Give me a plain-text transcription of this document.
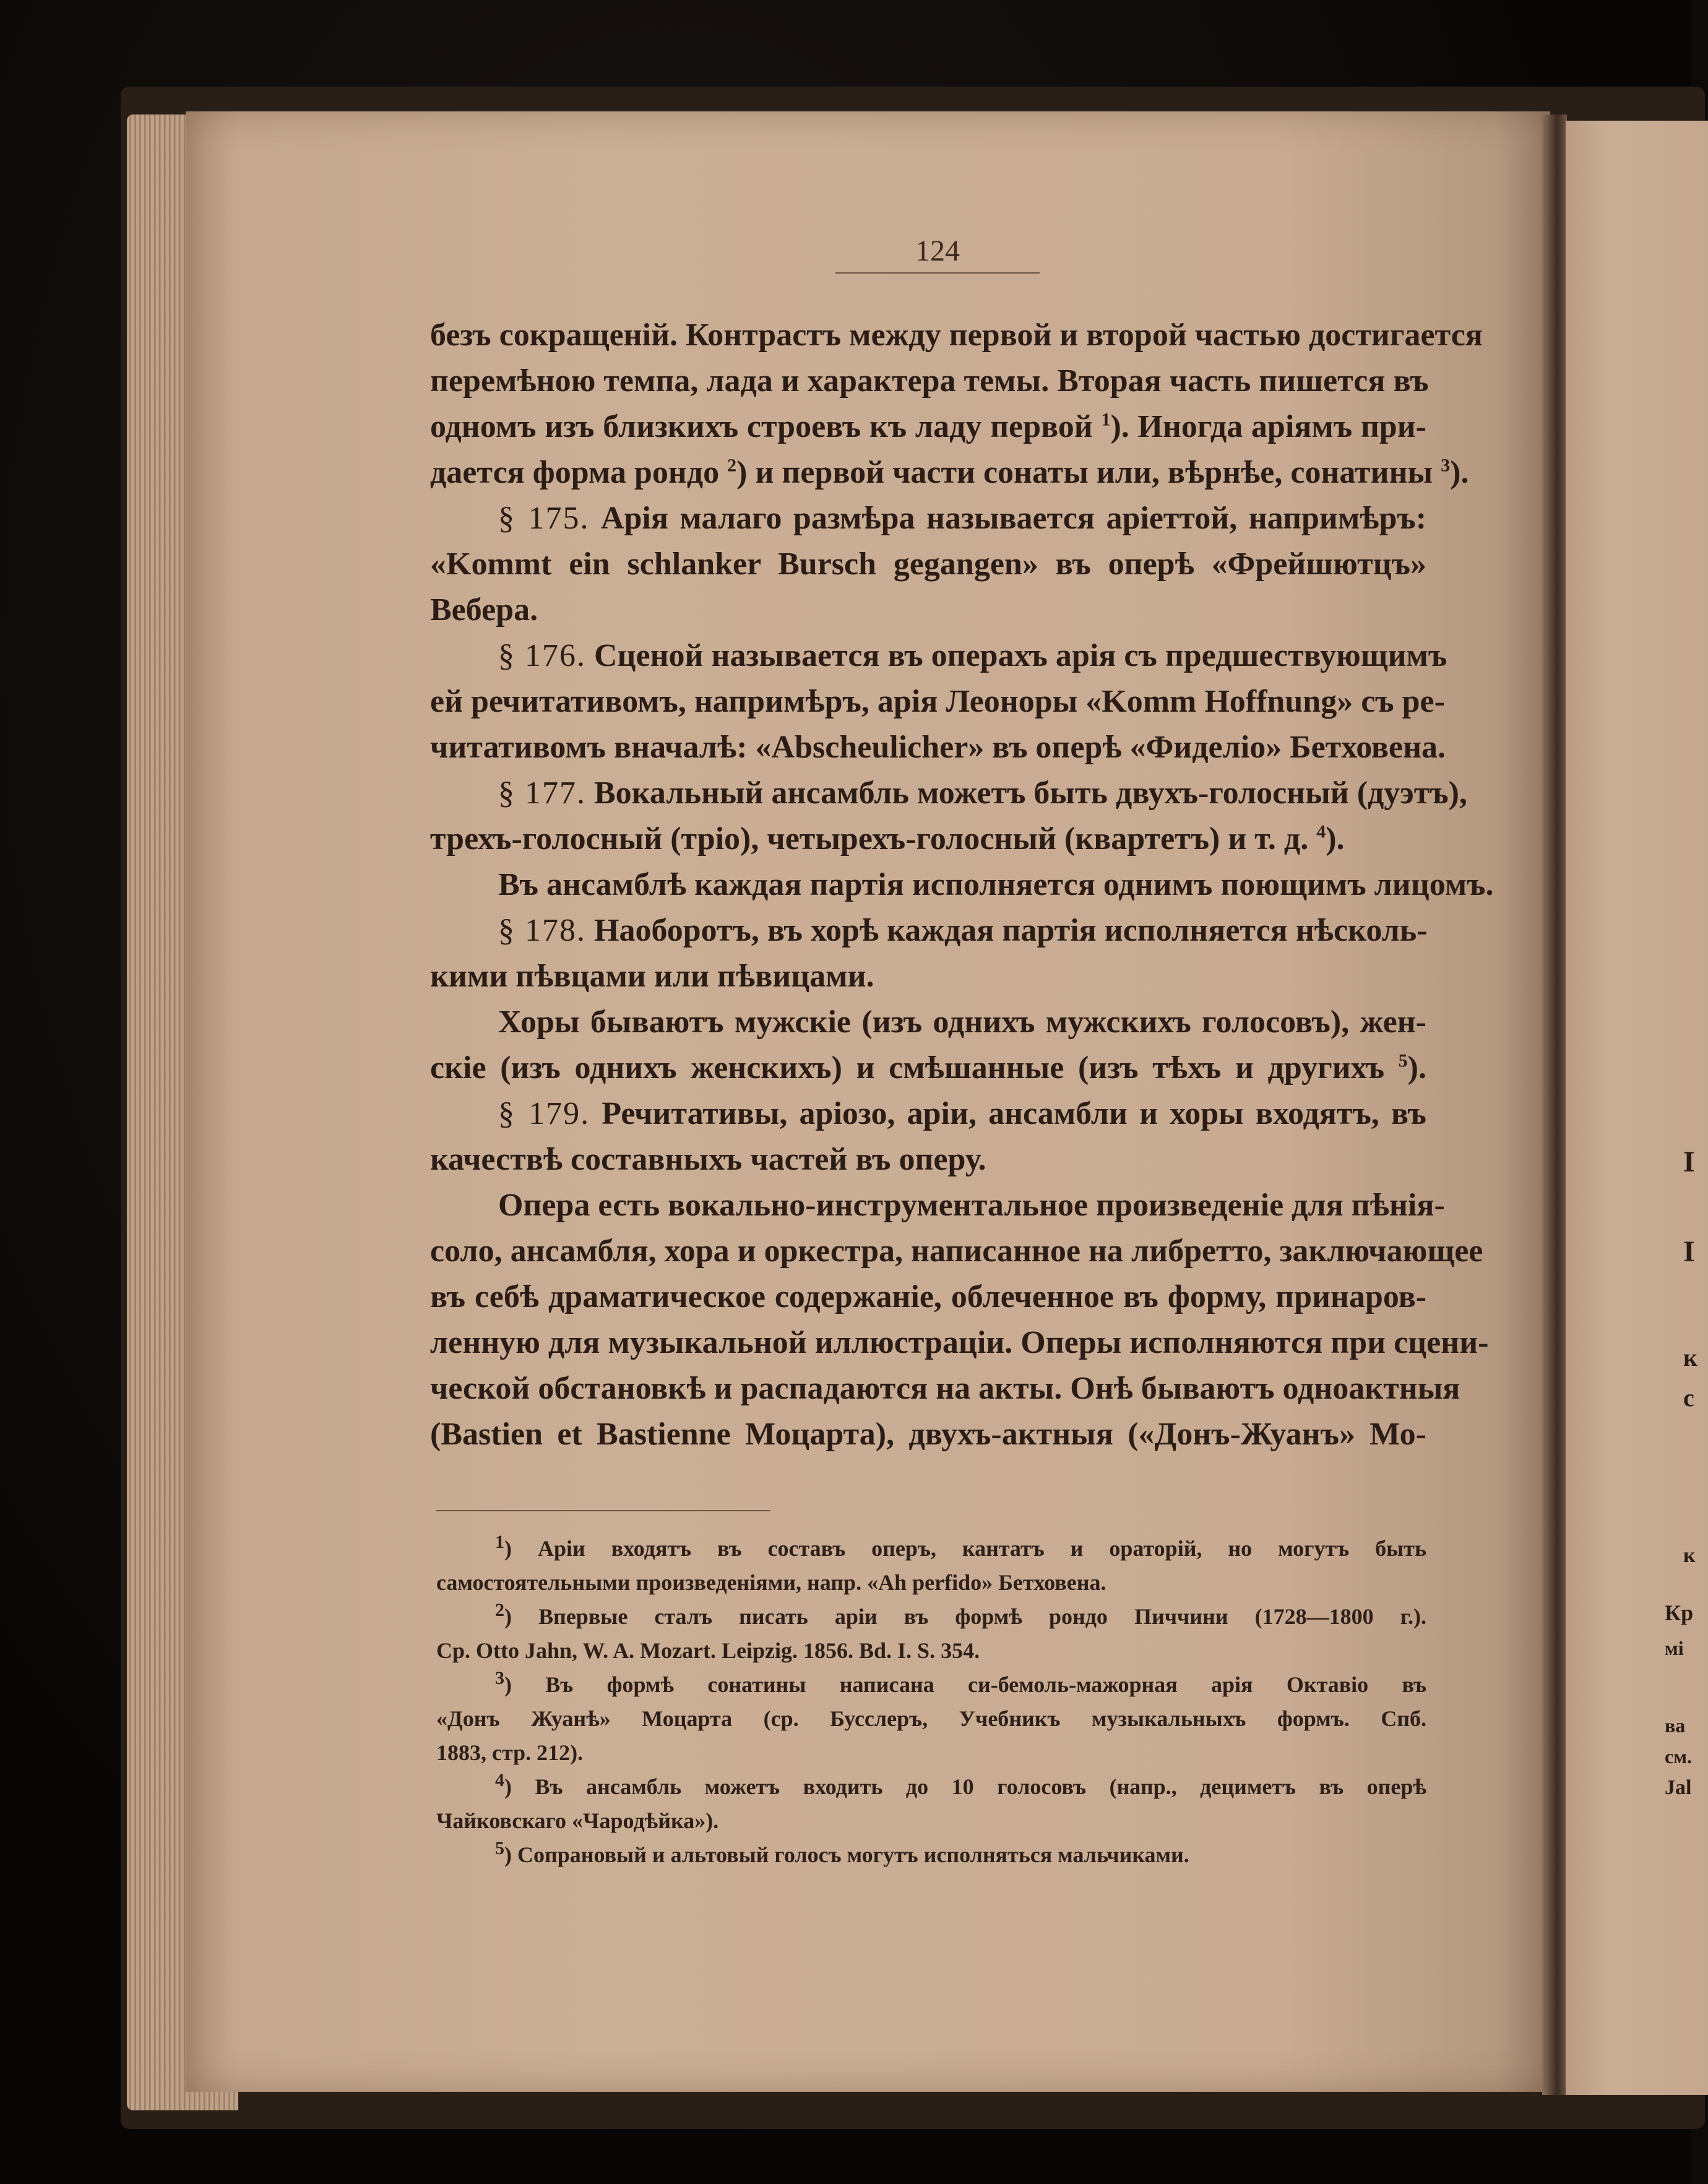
I
I
к
с
к
Кр
мі
ва
см.
Jal
124
безъ сокращеній. Контрастъ между первой и второй частью достигается
перемѣною темпа, лада и характера темы. Вторая часть пишется въ
одномъ изъ близкихъ строевъ къ ладу первой $^1$). Иногда аріямъ при-
дается форма рондо $^2$) и первой части сонаты или, вѣрнѣе, сонатины $^3$).
§ 175. Арія малаго размѣра называется аріеттой, напримѣръ:
«Kommt ein schlanker Bursch gegangen» въ оперѣ «Фрейшютцъ»
Вебера.
§ 176. Сценой называется въ операхъ арія съ предшествующимъ
ей речитативомъ, напримѣръ, арія Леоноры «Komm Hoffnung» съ ре-
читативомъ вначалѣ: «Abscheulicher» въ оперѣ «Фиделіо» Бетховена.
§ 177. Вокальный ансамбль можетъ быть двухъ-голосный (дуэтъ),
трехъ-голосный (тріо), четырехъ-голосный (квартетъ) и т. д. $^4$).
Въ ансамблѣ каждая партія исполняется однимъ поющимъ лицомъ.
§ 178. Наоборотъ, въ хорѣ каждая партія исполняется нѣсколь-
кими пѣвцами или пѣвицами.
Хоры бываютъ мужскіе (изъ однихъ мужскихъ голосовъ), жен-
скіе (изъ однихъ женскихъ) и смѣшанные (изъ тѣхъ и другихъ $^5$).
§ 179. Речитативы, аріозо, аріи, ансамбли и хоры входятъ, въ
качествѣ составныхъ частей въ оперу.
Опера есть вокально-инструментальное произведеніе для пѣнія-
соло, ансамбля, хора и оркестра, написанное на либретто, заключающее
въ себѣ драматическое содержаніе, облеченное въ форму, принаров-
ленную для музыкальной иллюстраціи. Оперы исполняются при сцени-
ческой обстановкѣ и распадаются на акты. Онѣ бываютъ одноактныя
(Bastien et Bastienne Моцарта), двухъ-актныя («Донъ-Жуанъ» Мо-
$^1$) Аріи входятъ въ составъ оперъ, кантатъ и ораторій, но могутъ быть
самостоятельными произведеніями, напр. «Ah perfido» Бетховена.
$^2$) Впервые сталъ писать аріи въ формѣ рондо Пиччини (1728—1800 г.).
Ср. Otto Jahn, W. A. Mozart. Leipzig. 1856. Bd. I. S. 354.
$^3$) Въ формѣ сонатины написана си-бемоль-мажорная арія Октавіо въ
«Донъ Жуанѣ» Моцарта (ср. Бусслеръ, Учебникъ музыкальныхъ формъ. Спб.
1883, стр. 212).
$^4$) Въ ансамбль можетъ входить до 10 голосовъ (напр., дециметъ въ оперѣ
Чайковскаго «Чародѣйка»).
$^5$) Сопрановый и альтовый голосъ могутъ исполняться мальчиками.
